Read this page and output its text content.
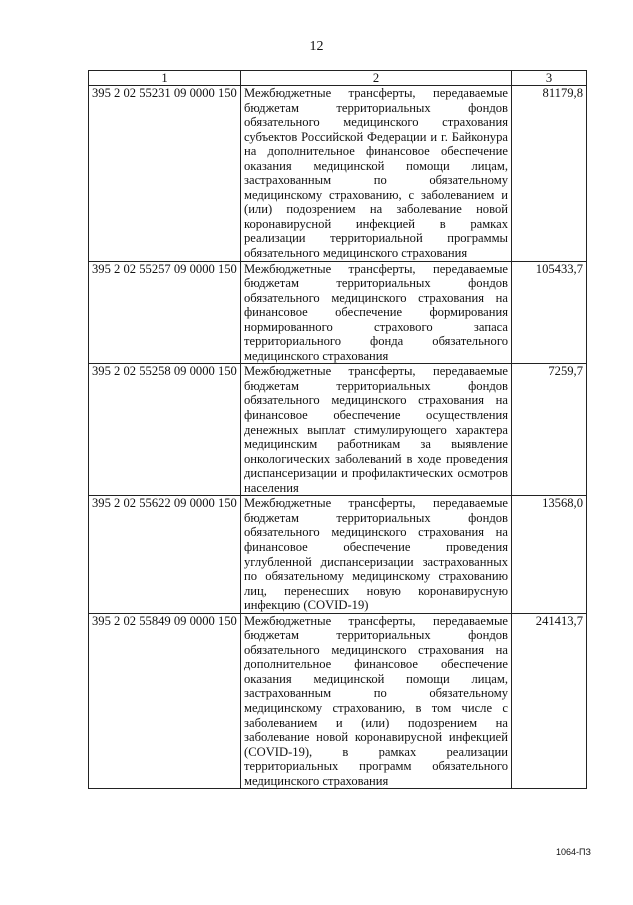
12
1	2	3
395 2 02 55231 09 0000 150	Межбюджетные трансферты, передаваемые бюджетам территориальных фондов обязательного медицинского страхования субъектов Российской Федерации и г. Байконура на дополнительное финансовое обеспечение оказания медицинской помощи лицам, застрахованным по обязательному медицинскому страхованию, с заболеванием и (или) подозрением на заболевание новой коронавирусной инфекцией в рамках реализации территориальной программы обязательного медицинского страхования	81179,8
395 2 02 55257 09 0000 150	Межбюджетные трансферты, передаваемые бюджетам территориальных фондов обязательного медицинского страхования на финансовое обеспечение формирования нормированного страхового запаса территориального фонда обязательного медицинского страхования	105433,7
395 2 02 55258 09 0000 150	Межбюджетные трансферты, передаваемые бюджетам территориальных фондов обязательного медицинского страхования на финансовое обеспечение осуществления денежных выплат стимулирующего характера медицинским работникам за выявление онкологических заболеваний в ходе проведения диспансеризации и профилактических осмотров населения	7259,7
395 2 02 55622 09 0000 150	Межбюджетные трансферты, передаваемые бюджетам территориальных фондов обязательного медицинского страхования на финансовое обеспечение проведения углубленной диспансеризации застрахованных по обязательному медицинскому страхованию лиц, перенесших новую коронавирусную инфекцию (COVID-19)	13568,0
395 2 02 55849 09 0000 150	Межбюджетные трансферты, передаваемые бюджетам территориальных фондов обязательного медицинского страхования на дополнительное финансовое обеспечение оказания медицинской помощи лицам, застрахованным по обязательному медицинскому страхованию, в том числе с заболеванием и (или) подозрением на заболевание новой коронавирусной инфекцией (COVID-19), в рамках реализации территориальных программ обязательного медицинского страхования	241413,7
1064-ПЗ
